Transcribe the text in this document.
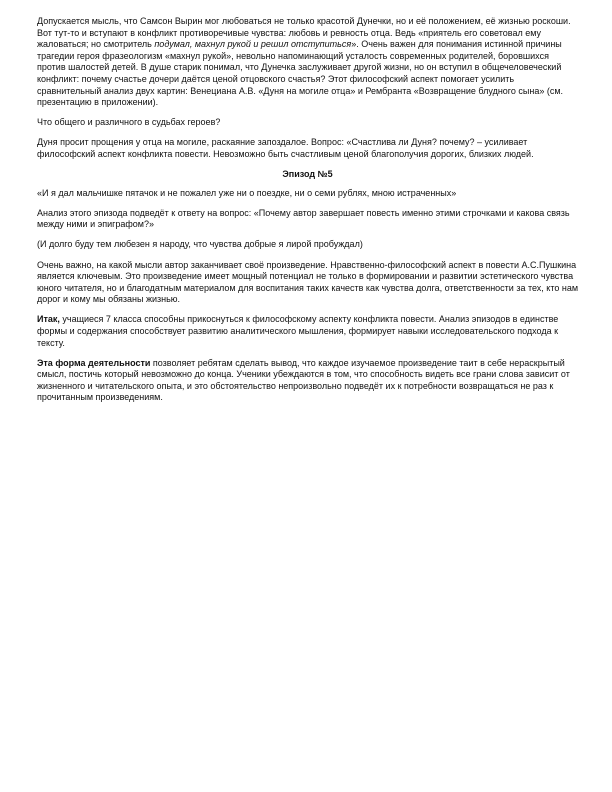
Допускается мысль, что Самсон Вырин мог любоваться не только красотой Дунечки, но и её положением, её жизнью роскоши. Вот тут-то и вступают в конфликт противоречивые чувства: любовь и ревность отца. Ведь «приятель его советовал ему жаловаться; но смотритель подумал, махнул рукой и решил отступиться». Очень важен для понимания истинной причины трагедии героя фразеологизм «махнул рукой», невольно напоминающий усталость современных родителей, боровшихся против шалостей детей. В душе старик понимал, что Дунечка заслуживает другой жизни, но он вступил в общечеловеческий конфликт: почему счастье дочери даётся ценой отцовского счастья? Этот философский аспект помогает усилить сравнительный анализ двух картин: Венециана А.В. «Дуня на могиле отца» и Рембранта «Возвращение блудного сына» (см. презентацию в приложении).

Что общего и различного в судьбах героев?

Дуня просит прощения у отца на могиле, раскаяние запоздалое. Вопрос: «Счастлива ли Дуня? почему? – усиливает философский аспект конфликта повести. Невозможно быть счастливым ценой благополучия дорогих, близких людей.

Эпизод №5

«И я дал мальчишке пятачок и не пожалел уже ни о поездке, ни о семи рублях, мною истраченных»

Анализ этого эпизода подведёт к ответу на вопрос: «Почему автор завершает повесть именно этими строчками и какова связь между ними и эпиграфом?»

(И долго буду тем любезен я народу, что чувства добрые я лирой пробуждал)

Очень важно, на какой мысли автор заканчивает своё произведение. Нравственно-философский аспект в повести А.С.Пушкина является ключевым. Это произведение имеет мощный потенциал не только в формировании и развитии эстетического чувства юного читателя, но и благодатным материалом для воспитания таких качеств как чувства долга, ответственности за тех, кто нам дорог и кому мы обязаны жизнью.

Итак, учащиеся 7 класса способны прикоснуться к философскому аспекту конфликта повести. Анализ эпизодов в единстве формы и содержания способствует развитию аналитического мышления, формирует навыки исследовательского подхода к тексту.

Эта форма деятельности позволяет ребятам сделать вывод, что каждое изучаемое произведение таит в себе нераскрытый смысл, постичь который невозможно до конца. Ученики убеждаются в том, что способность видеть все грани слова зависит от жизненного и читательского опыта, и это обстоятельство непроизвольно подведёт их к потребности возвращаться не раз к прочитанным произведениям.
